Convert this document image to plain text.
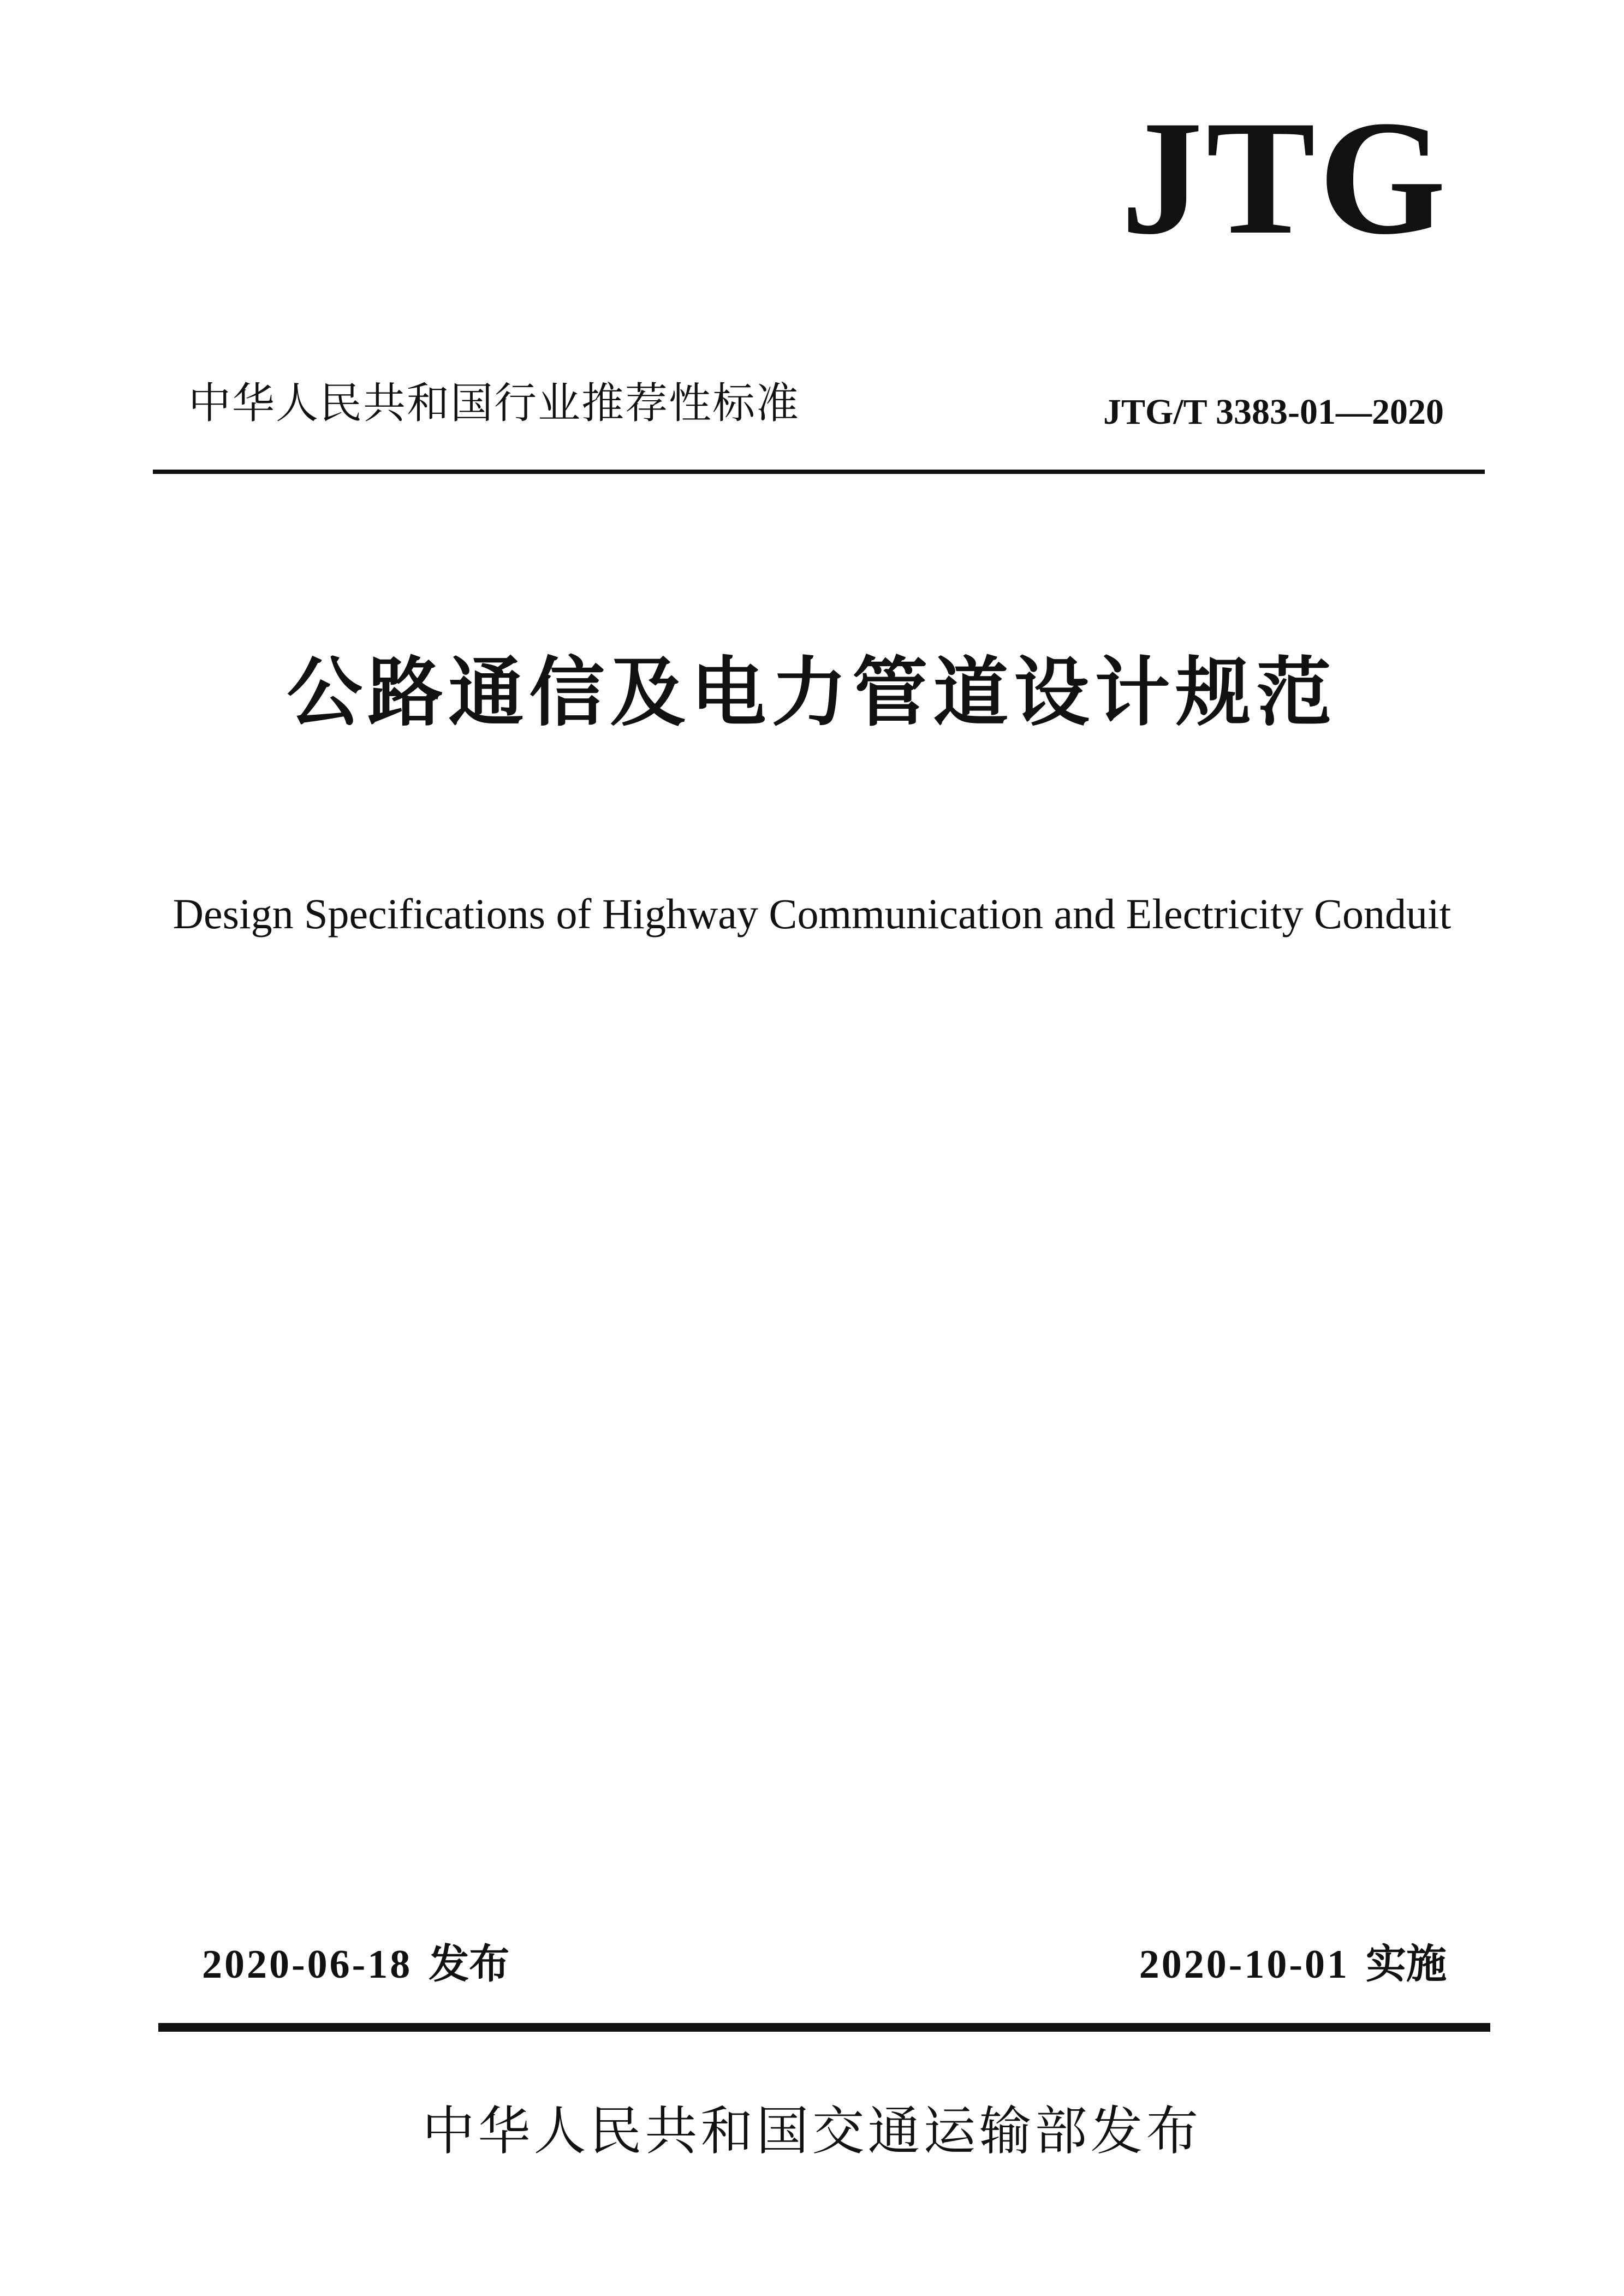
JTG
中华人民共和国行业推荐性标准	JTG/T 3383-01—2020
公路通信及电力管道设计规范
Design Specifications of Highway Communication and Electricity Conduit
2020-06-18 发布	2020-10-01 实施
中华人民共和国交通运输部发布
